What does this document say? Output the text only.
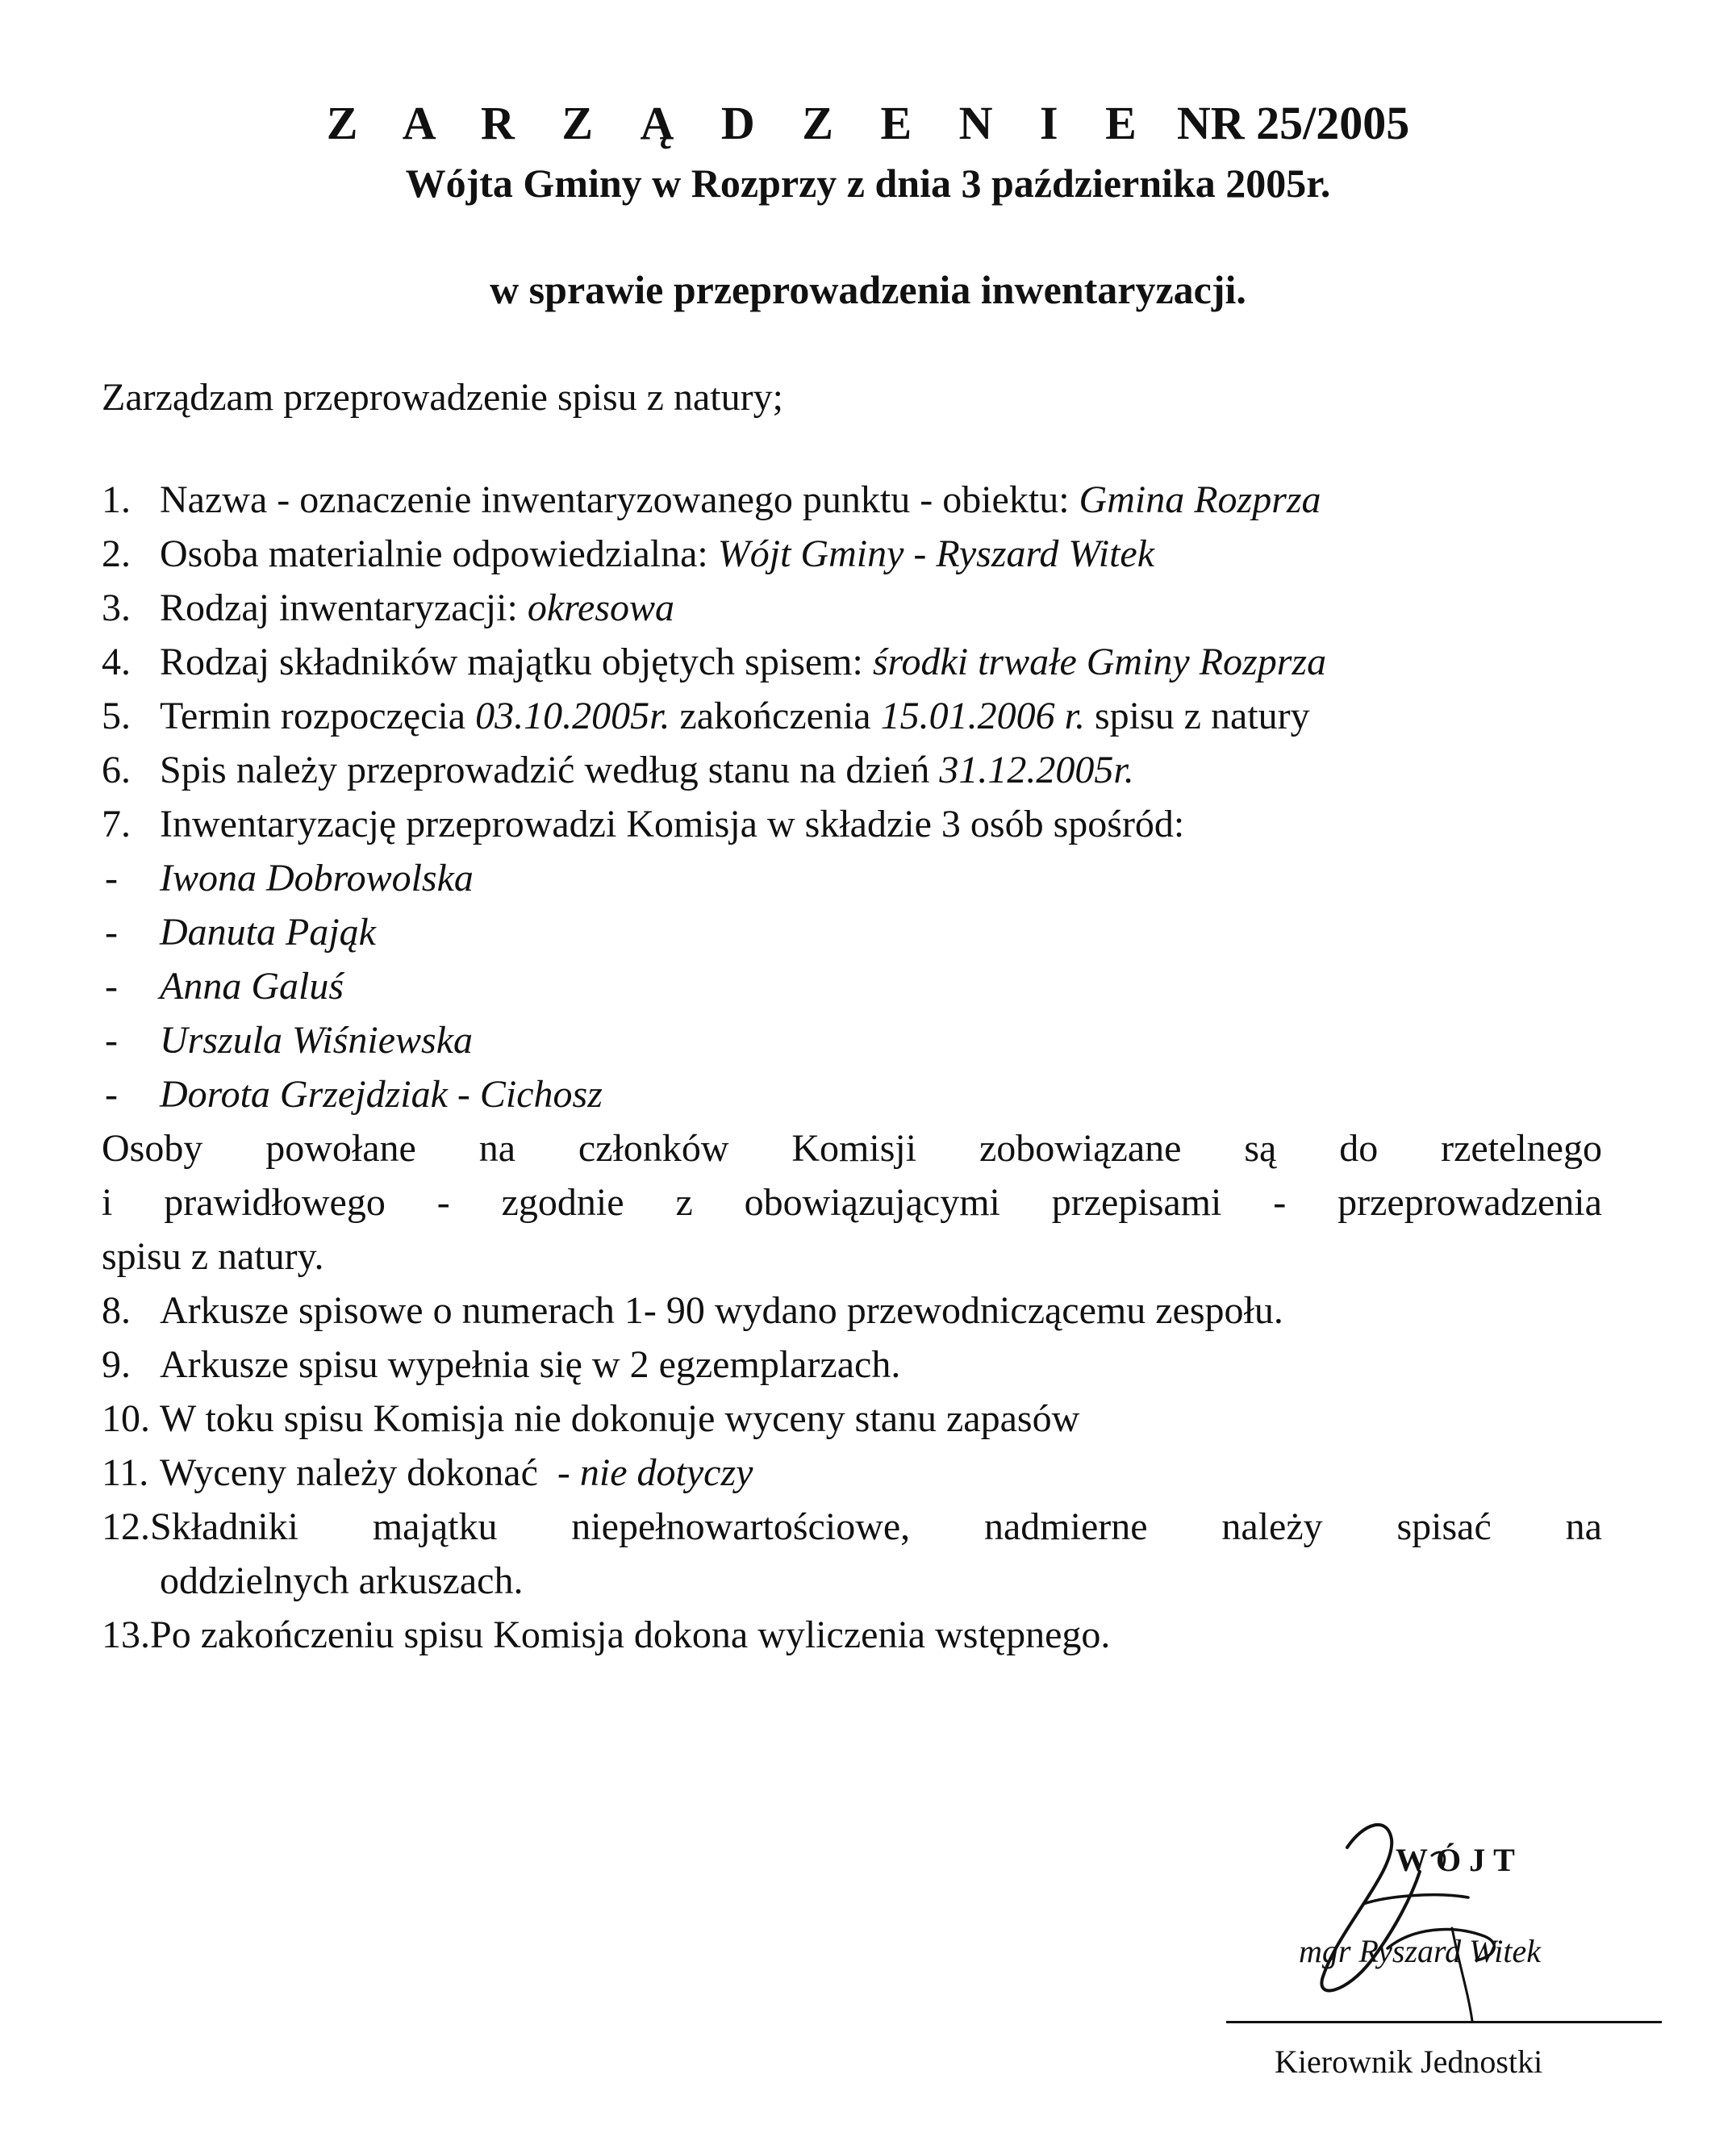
Z A R Z Ą D Z E N I E NR 25/2005
Wójta Gminy w Rozprzy z dnia 3 października 2005r.
w sprawie przeprowadzenia inwentaryzacji.
Zarządzam przeprowadzenie spisu z natury;
1. Nazwa - oznaczenie inwentaryzowanego punktu - obiektu: Gmina Rozprza
2. Osoba materialnie odpowiedzialna: Wójt Gminy - Ryszard Witek
3. Rodzaj inwentaryzacji: okresowa
4. Rodzaj składników majątku objętych spisem: środki trwałe Gminy Rozprza
5. Termin rozpoczęcia 03.10.2005r. zakończenia 15.01.2006 r. spisu z natury
6. Spis należy przeprowadzić według stanu na dzień 31.12.2005r.
7. Inwentaryzację przeprowadzi Komisja w składzie 3 osób spośród:
- Iwona Dobrowolska
- Danuta Pająk
- Anna Galuś
- Urszula Wiśniewska
- Dorota Grzejdziak - Cichosz
Osoby powołane na członków Komisji zobowiązane są do rzetelnego
i prawidłowego - zgodnie z obowiązującymi przepisami - przeprowadzenia
spisu z natury.
8. Arkusze spisowe o numerach 1- 90 wydano przewodniczącemu zespołu.
9. Arkusze spisu wypełnia się w 2 egzemplarzach.
10. W toku spisu Komisja nie dokonuje wyceny stanu zapasów
11. Wyceny należy dokonać  - nie dotyczy
12.Składniki majątku niepełnowartościowe, nadmierne należy spisać na
oddzielnych arkuszach.
13.Po zakończeniu spisu Komisja dokona wyliczenia wstępnego.
WÓJT
mgr Ryszard Witek
Kierownik Jednostki
